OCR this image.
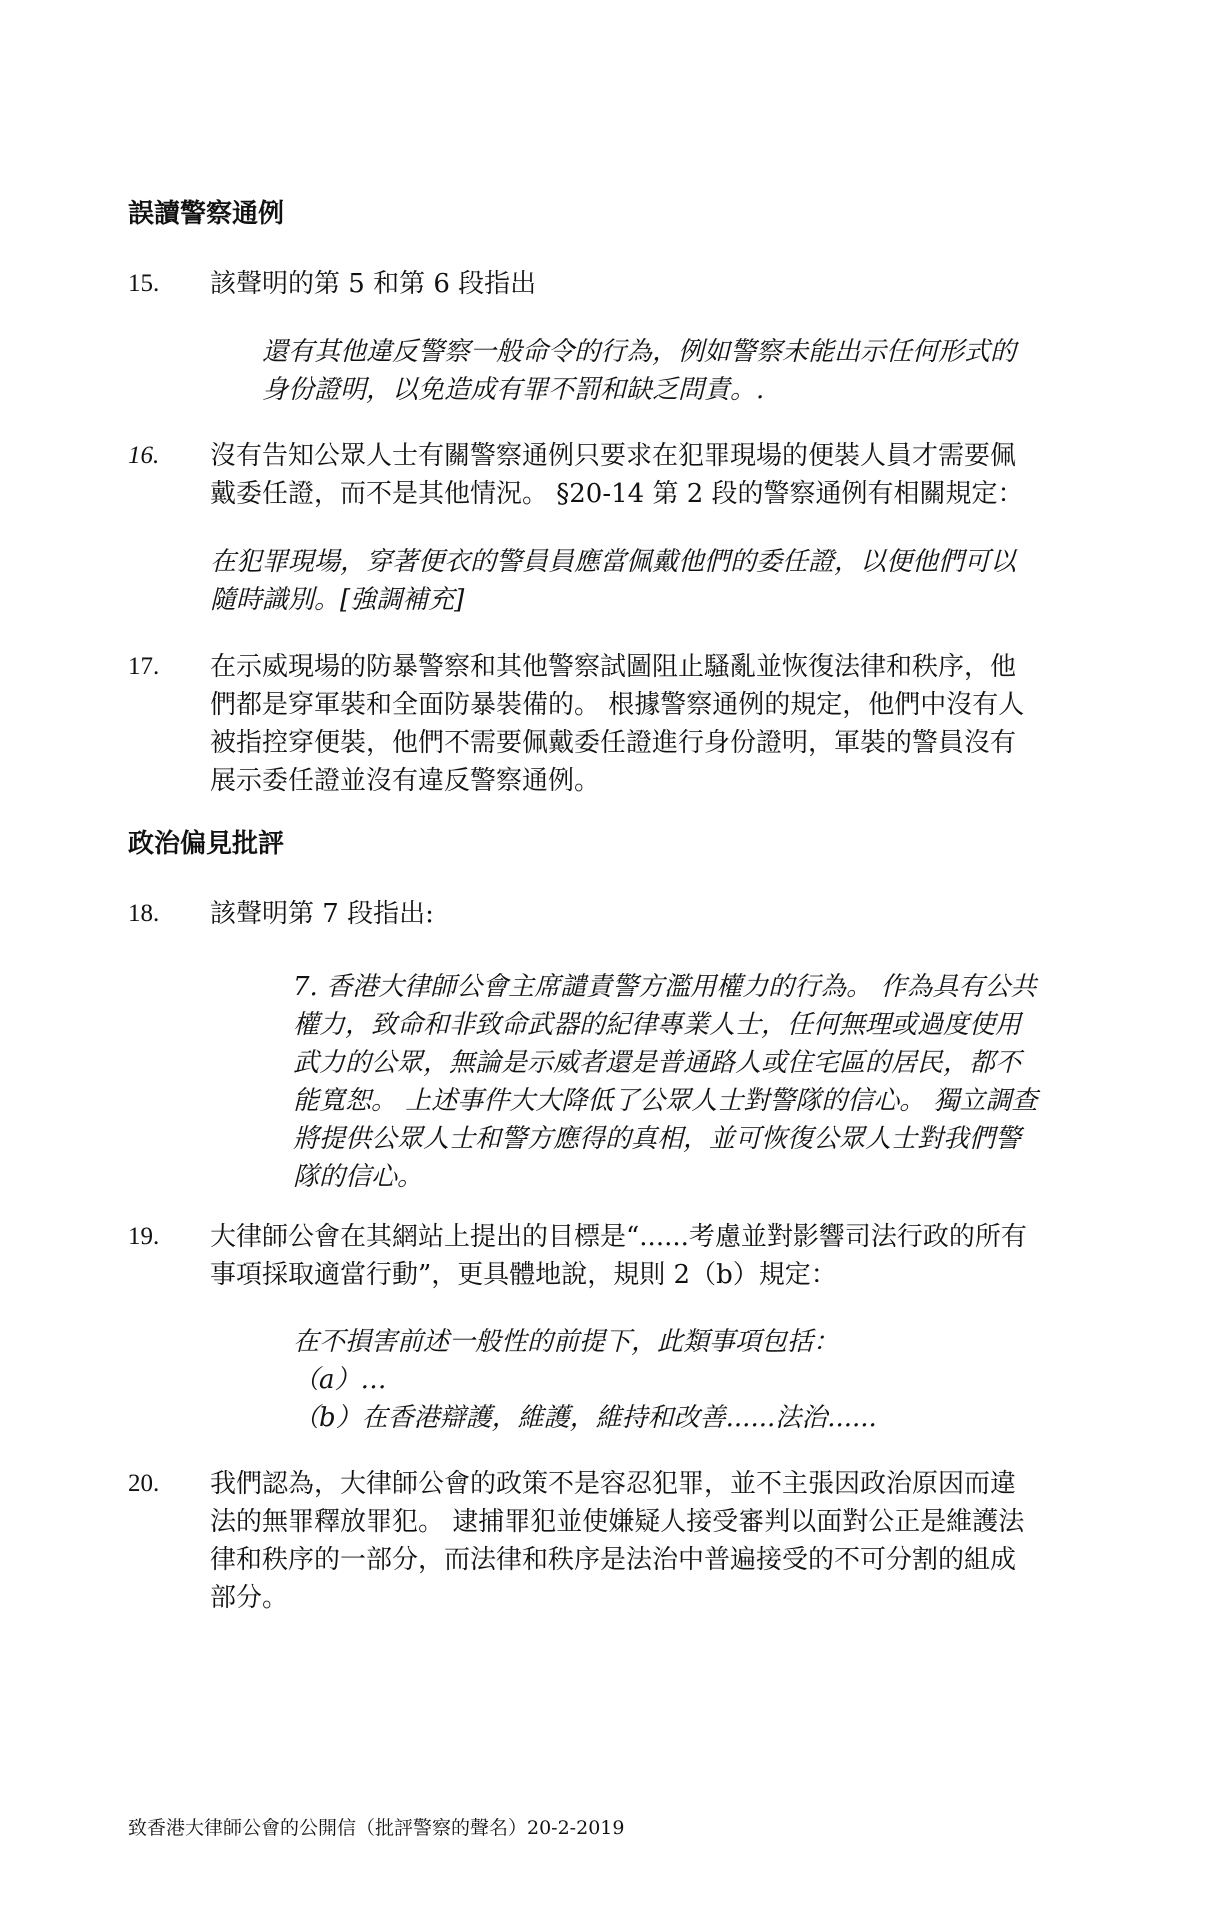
誤讀警察通例
15. 該聲明的第 5 和第 6 段指出
還有其他違反警察一般命令的行為，例如警察未能出示任何形式的
身份證明，以免造成有罪不罰和缺乏問責。.
16. 沒有告知公眾人士有關警察通例只要求在犯罪現場的便裝人員才需要佩
戴委任證，而不是其他情況。 §20-14 第 2 段的警察通例有相關規定：
在犯罪現場，穿著便衣的警員員應當佩戴他們的委任證，以便他們可以
隨時識別。[強調補充]
17. 在示威現場的防暴警察和其他警察試圖阻止騷亂並恢復法律和秩序，他
們都是穿軍裝和全面防暴裝備的。 根據警察通例的規定，他們中沒有人
被指控穿便裝，他們不需要佩戴委任證進行身份證明，軍裝的警員沒有
展示委任證並沒有違反警察通例。
政治偏見批評
18. 該聲明第 7 段指出:
7. 香港大律師公會主席譴責警方濫用權力的行為。 作為具有公共
權力，致命和非致命武器的紀律專業人士，任何無理或過度使用
武力的公眾，無論是示威者還是普通路人或住宅區的居民，都不
能寬恕。 上述事件大大降低了公眾人士對警隊的信心。 獨立調查
將提供公眾人士和警方應得的真相，並可恢復公眾人士對我們警
隊的信心。
19. 大律師公會在其網站上提出的目標是“......考慮並對影響司法行政的所有
事項採取適當行動”，更具體地說，規則 2（b）規定：
在不損害前述一般性的前提下，此類事項包括：
（a）…
（b）在香港辯護，維護，維持和改善......法治......
20. 我們認為，大律師公會的政策不是容忍犯罪，並不主張因政治原因而違
法的無罪釋放罪犯。 逮捕罪犯並使嫌疑人接受審判以面對公正是維護法
律和秩序的一部分，而法律和秩序是法治中普遍接受的不可分割的組成
部分。
致香港大律師公會的公開信（批評警察的聲名）20-2-2019
